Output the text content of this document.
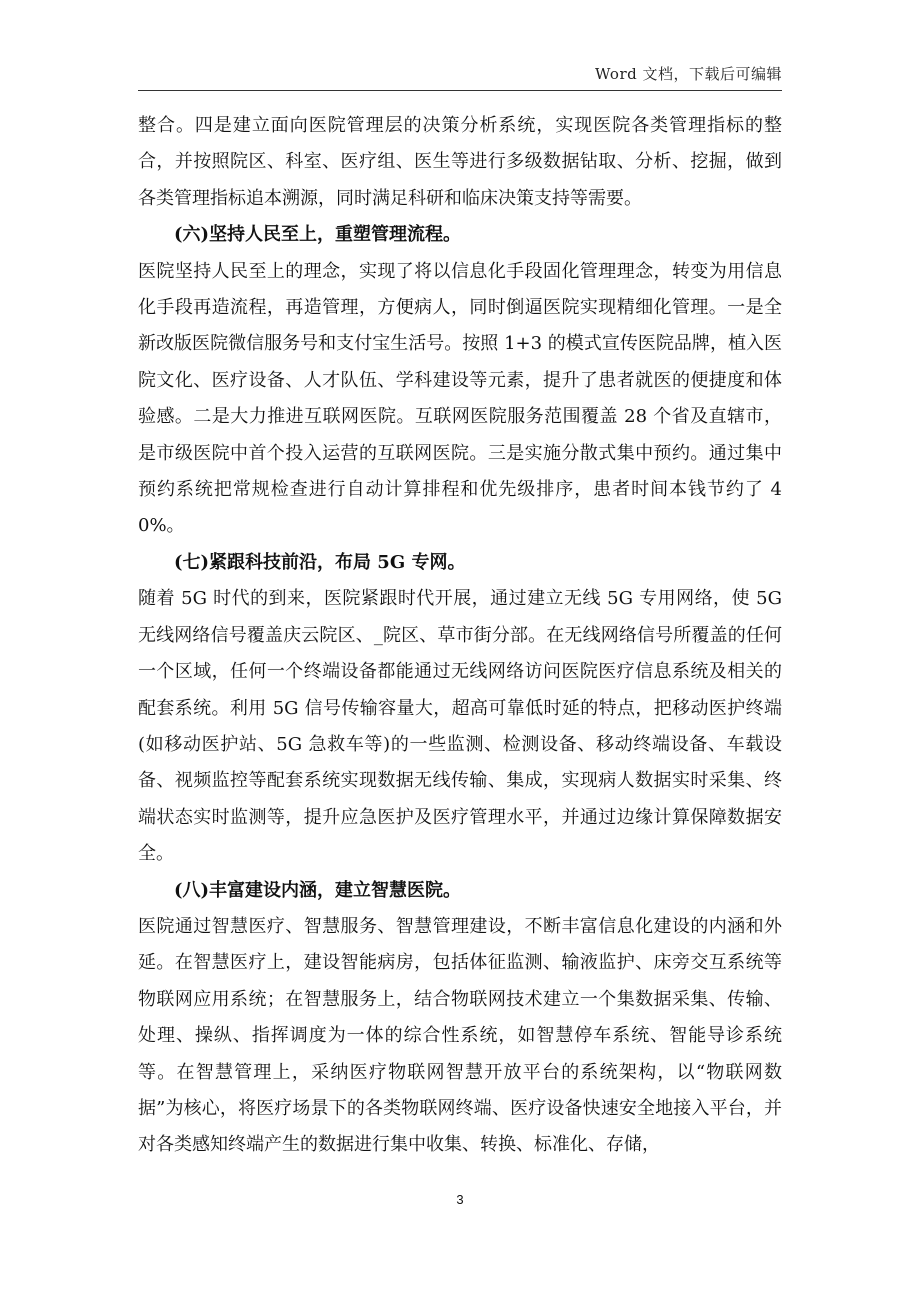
Word 文档，下载后可编辑

整合。四是建立面向医院管理层的决策分析系统，实现医院各类管理指标的整合，并按照院区、科室、医疗组、医生等进行多级数据钻取、分析、挖掘，做到各类管理指标追本溯源，同时满足科研和临床决策支持等需要。

(六)坚持人民至上，重塑管理流程。

医院坚持人民至上的理念，实现了将以信息化手段固化管理理念，转变为用信息化手段再造流程，再造管理，方便病人，同时倒逼医院实现精细化管理。一是全新改版医院微信服务号和支付宝生活号。按照 1+3 的模式宣传医院品牌，植入医院文化、医疗设备、人才队伍、学科建设等元素，提升了患者就医的便捷度和体验感。二是大力推进互联网医院。互联网医院服务范围覆盖 28 个省及直辖市，是市级医院中首个投入运营的互联网医院。三是实施分散式集中预约。通过集中预约系统把常规检查进行自动计算排程和优先级排序，患者时间本钱节约了 40%。

(七)紧跟科技前沿，布局 5G 专网。

随着 5G 时代的到来，医院紧跟时代开展，通过建立无线 5G 专用网络，使 5G 无线网络信号覆盖庆云院区、_院区、草市街分部。在无线网络信号所覆盖的任何一个区域，任何一个终端设备都能通过无线网络访问医院医疗信息系统及相关的配套系统。利用 5G 信号传输容量大，超高可靠低时延的特点，把移动医护终端(如移动医护站、5G 急救车等)的一些监测、检测设备、移动终端设备、车载设备、视频监控等配套系统实现数据无线传输、集成，实现病人数据实时采集、终端状态实时监测等，提升应急医护及医疗管理水平，并通过边缘计算保障数据安全。

(八)丰富建设内涵，建立智慧医院。

医院通过智慧医疗、智慧服务、智慧管理建设，不断丰富信息化建设的内涵和外延。在智慧医疗上，建设智能病房，包括体征监测、输液监护、床旁交互系统等物联网应用系统；在智慧服务上，结合物联网技术建立一个集数据采集、传输、处理、操纵、指挥调度为一体的综合性系统，如智慧停车系统、智能导诊系统等。在智慧管理上，采纳医疗物联网智慧开放平台的系统架构，以“物联网数据”为核心，将医疗场景下的各类物联网终端、医疗设备快速安全地接入平台，并对各类感知终端产生的数据进行集中收集、转换、标准化、存储，

3
